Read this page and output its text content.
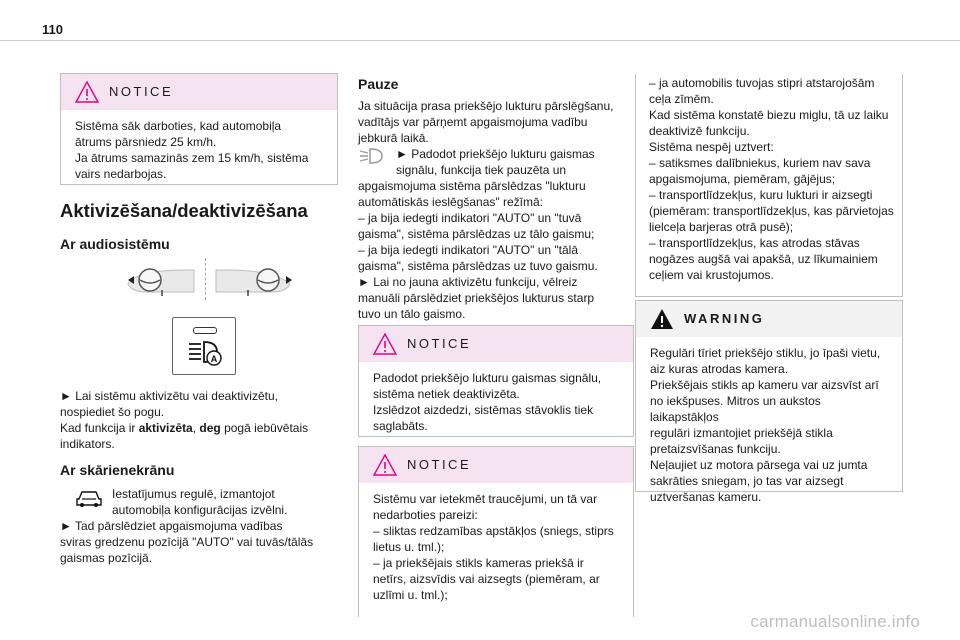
110
NOTICE

Sistēma sāk darboties, kad automobiļa

ātrums pārsniedz 25 km/h.

Ja ātrums samazinās zem 15 km/h, sistēma

vairs nedarbojas.

Aktivizēšana/deaktivizēšana
Ar audiosistēmu
A

► Lai sistēmu aktivizētu vai deaktivizētu,

nospiediet šo pogu.

Kad funkcija ir aktivizēta, deg pogā iebūvētais

indikators.

Ar skārienekrānu

Iestatījumus regulē, izmantojot

automobiļa konfigurācijas izvēlni.

► Tad pārslēdziet apgaismojuma vadības

sviras gredzenu pozīcijā "AUTO" vai tuvās/tālās

gaismas pozīcijā.

Pauze

Ja situācija prasa priekšējo lukturu pārslēgšanu,

vadītājs var pārņemt apgaismojuma vadību

jebkurā laikā.

► Padodot priekšējo lukturu gaismas

signālu, funkcija tiek pauzēta un

apgaismojuma sistēma pārslēdzas "lukturu

automātiskās ieslēgšanas" režīmā:

– ja bija iedegti indikatori "AUTO" un "tuvā

gaisma", sistēma pārslēdzas uz tālo gaismu;

– ja bija iedegti indikatori "AUTO" un "tālā

gaisma", sistēma pārslēdzas uz tuvo gaismu.

► Lai no jauna aktivizētu funkciju, vēlreiz

manuāli pārslēdziet priekšējos lukturus starp

tuvo un tālo gaismo.

NOTICE

Padodot priekšējo lukturu gaismas signālu,

sistēma netiek deaktivizēta.

Izslēdzot aizdedzi, sistēmas stāvoklis tiek

saglabāts.

NOTICE

Sistēmu var ietekmēt traucējumi, un tā var

nedarboties pareizi:

– sliktas redzamības apstākļos (sniegs, stiprs

lietus u. tml.);

– ja priekšējais stikls kameras priekšā ir

netīrs, aizsvīdis vai aizsegts (piemēram, ar

uzlīmi u. tml.);

– ja automobilis tuvojas stipri atstarojošām

ceļa zīmēm.

Kad sistēma konstatē biezu miglu, tā uz laiku

deaktivizē funkciju.

Sistēma nespēj uztvert:

– satiksmes dalībniekus, kuriem nav sava

apgaismojuma, piemēram, gājējus;

– transportlīdzekļus, kuru lukturi ir aizsegti

(piemēram: transportlīdzekļus, kas pārvietojas

lielceļa barjeras otrā pusē);

– transportlīdzekļus, kas atrodas stāvas

nogāzes augšā vai apakšā, uz līkumainiem

ceļiem vai krustojumos.

WARNING

Regulāri tīriet priekšējo stiklu, jo īpaši vietu,

aiz kuras atrodas kamera.

Priekšējais stikls ap kameru var aizsvīst arī

no iekšpuses. Mitros un aukstos laikapstākļos

regulāri izmantojiet priekšējā stikla

pretaizsvīšanas funkciju.

Neļaujiet uz motora pārsega vai uz jumta

sakrāties sniegam, jo tas var aizsegt

uztveršanas kameru.

carmanualsonline.info
